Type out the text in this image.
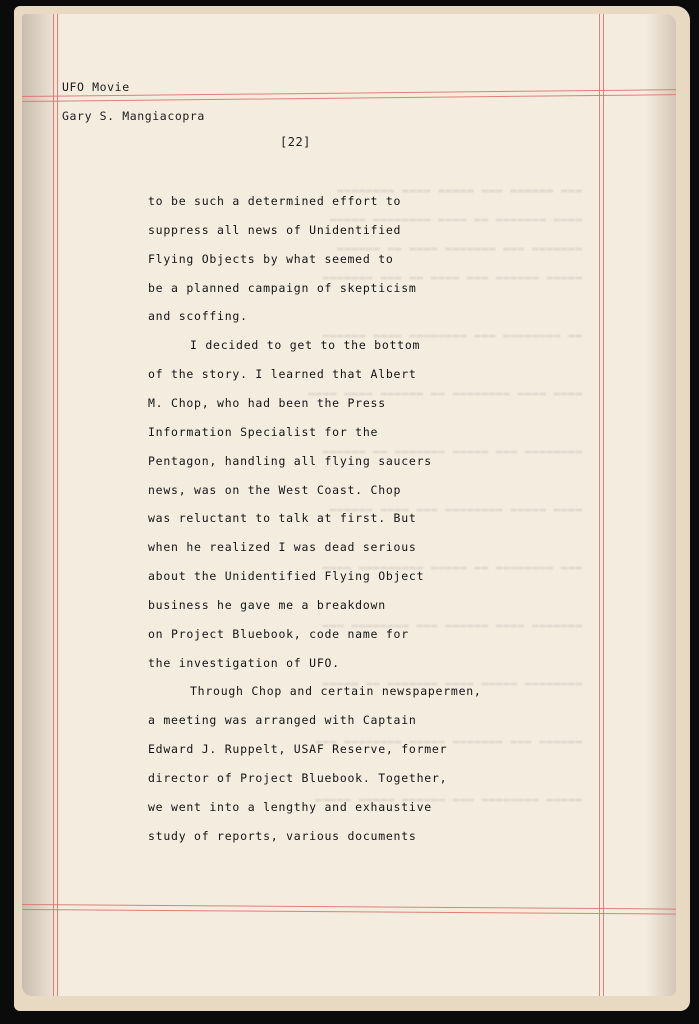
UFO Movie
Gary S. Mangiacopra
[22]
▬▬▬ ▬▬▬▬▬▬ ▬▬▬ ▬▬▬▬▬ ▬▬▬▬ ▬▬▬▬▬▬▬▬
▬▬▬▬ ▬▬▬▬▬▬▬ ▬▬ ▬▬▬▬ ▬▬▬▬▬▬▬▬ ▬▬▬▬▬
▬▬▬▬▬▬▬ ▬▬▬ ▬▬▬▬▬▬▬ ▬▬▬▬ ▬▬ ▬▬▬▬▬▬
▬▬▬▬▬ ▬▬▬▬▬▬ ▬▬▬ ▬▬▬▬ ▬▬ ▬▬▬ ▬▬▬▬▬▬▬
▬▬ ▬▬▬▬▬▬▬▬ ▬▬▬ ▬▬▬▬▬▬▬▬ ▬▬▬▬ ▬▬▬▬▬▬
▬▬▬▬ ▬▬▬▬ ▬▬▬▬▬▬▬▬ ▬▬ ▬▬▬▬▬▬ ▬▬▬▬ ▬▬▬▬
▬▬▬▬▬▬▬▬ ▬▬▬ ▬▬▬▬▬ ▬▬▬▬▬▬▬ ▬▬ ▬▬▬▬▬▬
▬▬▬▬ ▬▬▬▬▬ ▬▬▬▬▬▬▬▬ ▬▬▬ ▬▬▬▬ ▬▬▬▬▬▬
▬▬▬ ▬▬▬▬▬▬▬▬ ▬▬ ▬▬▬▬▬ ▬▬▬▬▬▬▬▬▬ ▬▬▬▬
▬▬▬▬▬▬▬ ▬▬▬▬ ▬▬▬▬▬▬ ▬▬▬ ▬▬▬▬▬▬▬▬ ▬▬▬
▬▬▬▬▬▬▬▬ ▬▬▬▬▬ ▬▬▬▬ ▬▬▬▬▬▬▬ ▬▬ ▬▬▬▬▬
▬▬▬▬▬▬ ▬▬▬ ▬▬▬▬▬▬▬ ▬▬▬▬▬ ▬▬▬▬▬▬▬▬ ▬▬▬
▬▬▬▬▬ ▬▬▬▬▬▬▬▬ ▬▬▬ ▬▬▬▬▬▬ ▬▬▬▬▬ ▬▬▬▬▬
to be such a determined effort to
suppress all news of Unidentified
Flying Objects by what seemed to
be a planned campaign of skepticism
and scoffing.
I decided to get to the bottom
of the story. I learned that Albert
M. Chop, who had been the Press
Information Specialist for the
Pentagon, handling all flying saucers
news, was on the West Coast. Chop
was reluctant to talk at first. But
when he realized I was dead serious
about the Unidentified Flying Object
business he gave me a breakdown
on Project Bluebook, code name for
the investigation of UFO.
Through Chop and certain newspapermen,
a meeting was arranged with Captain
Edward J. Ruppelt, USAF Reserve, former
director of Project Bluebook. Together,
we went into a lengthy and exhaustive
study of reports, various documents
